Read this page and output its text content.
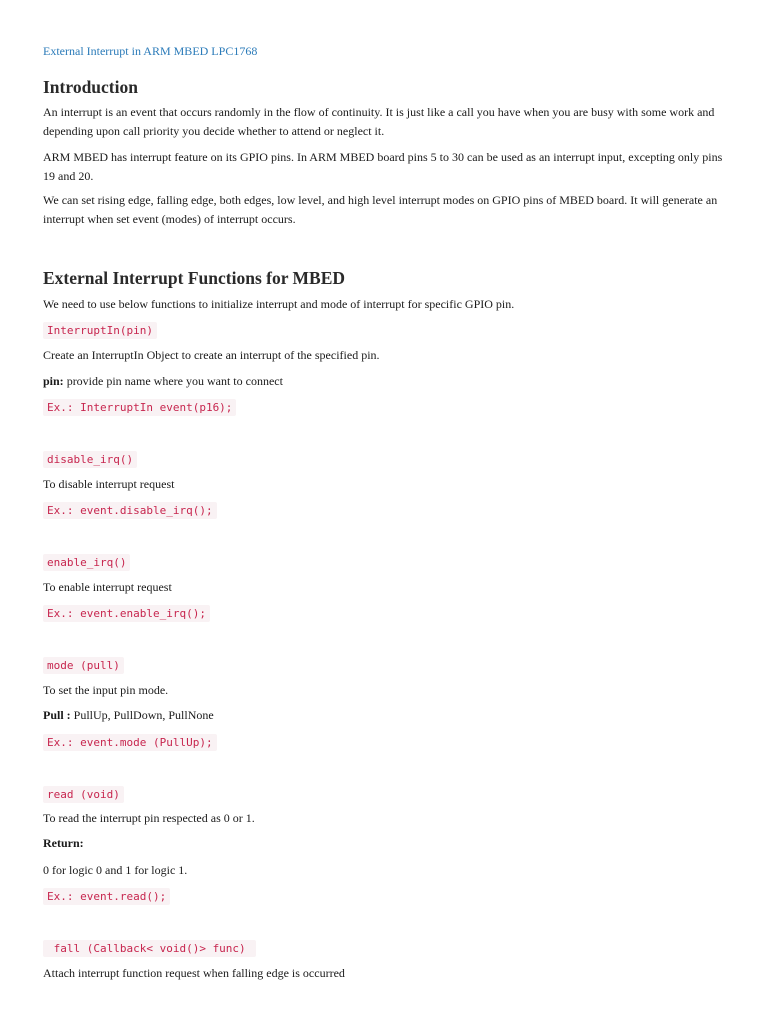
External Interrupt in ARM MBED LPC1768
Introduction
An interrupt is an event that occurs randomly in the flow of continuity. It is just like a call you have when you are busy with some work and depending upon call priority you decide whether to attend or neglect it.
ARM MBED has interrupt feature on its GPIO pins. In ARM MBED board pins 5 to 30 can be used as an interrupt input, excepting only pins 19 and 20.
We can set rising edge, falling edge, both edges, low level, and high level interrupt modes on GPIO pins of MBED board. It will generate an interrupt when set event (modes) of interrupt occurs.
External Interrupt Functions for MBED
We need to use below functions to initialize interrupt and mode of interrupt for specific GPIO pin.
InterruptIn(pin)
Create an InterruptIn Object to create an interrupt of the specified pin.
pin: provide pin name where you want to connect
Ex.: InterruptIn event(p16);
disable_irq()
To disable interrupt request
Ex.: event.disable_irq();
enable_irq()
To enable interrupt request
Ex.: event.enable_irq();
mode (pull)
To set the input pin mode.
Pull : PullUp, PullDown, PullNone
Ex.: event.mode (PullUp);
read (void)
To read the interrupt pin respected as 0 or 1.
Return:
0 for logic 0 and 1 for logic 1.
Ex.: event.read();
fall (Callback< void()> func)
Attach interrupt function request when falling edge is occurred
